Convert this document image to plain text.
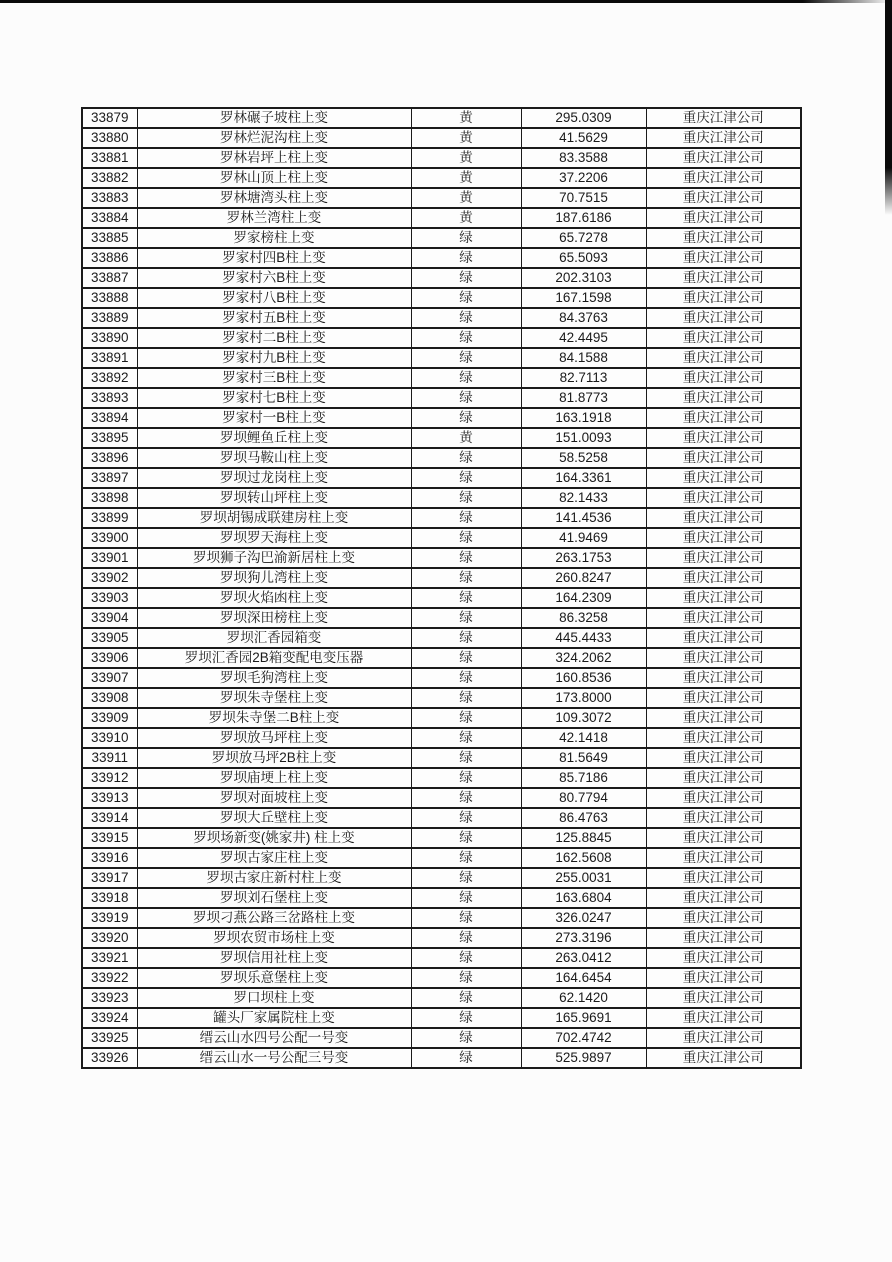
33879	罗林碾子坡柱上变	黄	295.0309	重庆江津公司
33880	罗林烂泥沟柱上变	黄	41.5629	重庆江津公司
33881	罗林岩坪上柱上变	黄	83.3588	重庆江津公司
33882	罗林山顶上柱上变	黄	37.2206	重庆江津公司
33883	罗林塘湾头柱上变	黄	70.7515	重庆江津公司
33884	罗林兰湾柱上变	黄	187.6186	重庆江津公司
33885	罗家榜柱上变	绿	65.7278	重庆江津公司
33886	罗家村四B柱上变	绿	65.5093	重庆江津公司
33887	罗家村六B柱上变	绿	202.3103	重庆江津公司
33888	罗家村八B柱上变	绿	167.1598	重庆江津公司
33889	罗家村五B柱上变	绿	84.3763	重庆江津公司
33890	罗家村二B柱上变	绿	42.4495	重庆江津公司
33891	罗家村九B柱上变	绿	84.1588	重庆江津公司
33892	罗家村三B柱上变	绿	82.7113	重庆江津公司
33893	罗家村七B柱上变	绿	81.8773	重庆江津公司
33894	罗家村一B柱上变	绿	163.1918	重庆江津公司
33895	罗坝鲤鱼丘柱上变	黄	151.0093	重庆江津公司
33896	罗坝马鞍山柱上变	绿	58.5258	重庆江津公司
33897	罗坝过龙岗柱上变	绿	164.3361	重庆江津公司
33898	罗坝转山坪柱上变	绿	82.1433	重庆江津公司
33899	罗坝胡锡成联建房柱上变	绿	141.4536	重庆江津公司
33900	罗坝罗天海柱上变	绿	41.9469	重庆江津公司
33901	罗坝狮子沟巴渝新居柱上变	绿	263.1753	重庆江津公司
33902	罗坝狗儿湾柱上变	绿	260.8247	重庆江津公司
33903	罗坝火焰凼柱上变	绿	164.2309	重庆江津公司
33904	罗坝深田榜柱上变	绿	86.3258	重庆江津公司
33905	罗坝汇香园箱变	绿	445.4433	重庆江津公司
33906	罗坝汇香园2B箱变配电变压器	绿	324.2062	重庆江津公司
33907	罗坝毛狗湾柱上变	绿	160.8536	重庆江津公司
33908	罗坝朱寺堡柱上变	绿	173.8000	重庆江津公司
33909	罗坝朱寺堡二B柱上变	绿	109.3072	重庆江津公司
33910	罗坝放马坪柱上变	绿	42.1418	重庆江津公司
33911	罗坝放马坪2B柱上变	绿	81.5649	重庆江津公司
33912	罗坝庙埂上柱上变	绿	85.7186	重庆江津公司
33913	罗坝对面坡柱上变	绿	80.7794	重庆江津公司
33914	罗坝大丘壁柱上变	绿	86.4763	重庆江津公司
33915	罗坝场新变(姚家井) 柱上变	绿	125.8845	重庆江津公司
33916	罗坝古家庄柱上变	绿	162.5608	重庆江津公司
33917	罗坝古家庄新村柱上变	绿	255.0031	重庆江津公司
33918	罗坝刘石堡柱上变	绿	163.6804	重庆江津公司
33919	罗坝刁燕公路三岔路柱上变	绿	326.0247	重庆江津公司
33920	罗坝农贸市场柱上变	绿	273.3196	重庆江津公司
33921	罗坝信用社柱上变	绿	263.0412	重庆江津公司
33922	罗坝乐意堡柱上变	绿	164.6454	重庆江津公司
33923	罗口坝柱上变	绿	62.1420	重庆江津公司
33924	罐头厂家属院柱上变	绿	165.9691	重庆江津公司
33925	缙云山水四号公配一号变	绿	702.4742	重庆江津公司
33926	缙云山水一号公配三号变	绿	525.9897	重庆江津公司
